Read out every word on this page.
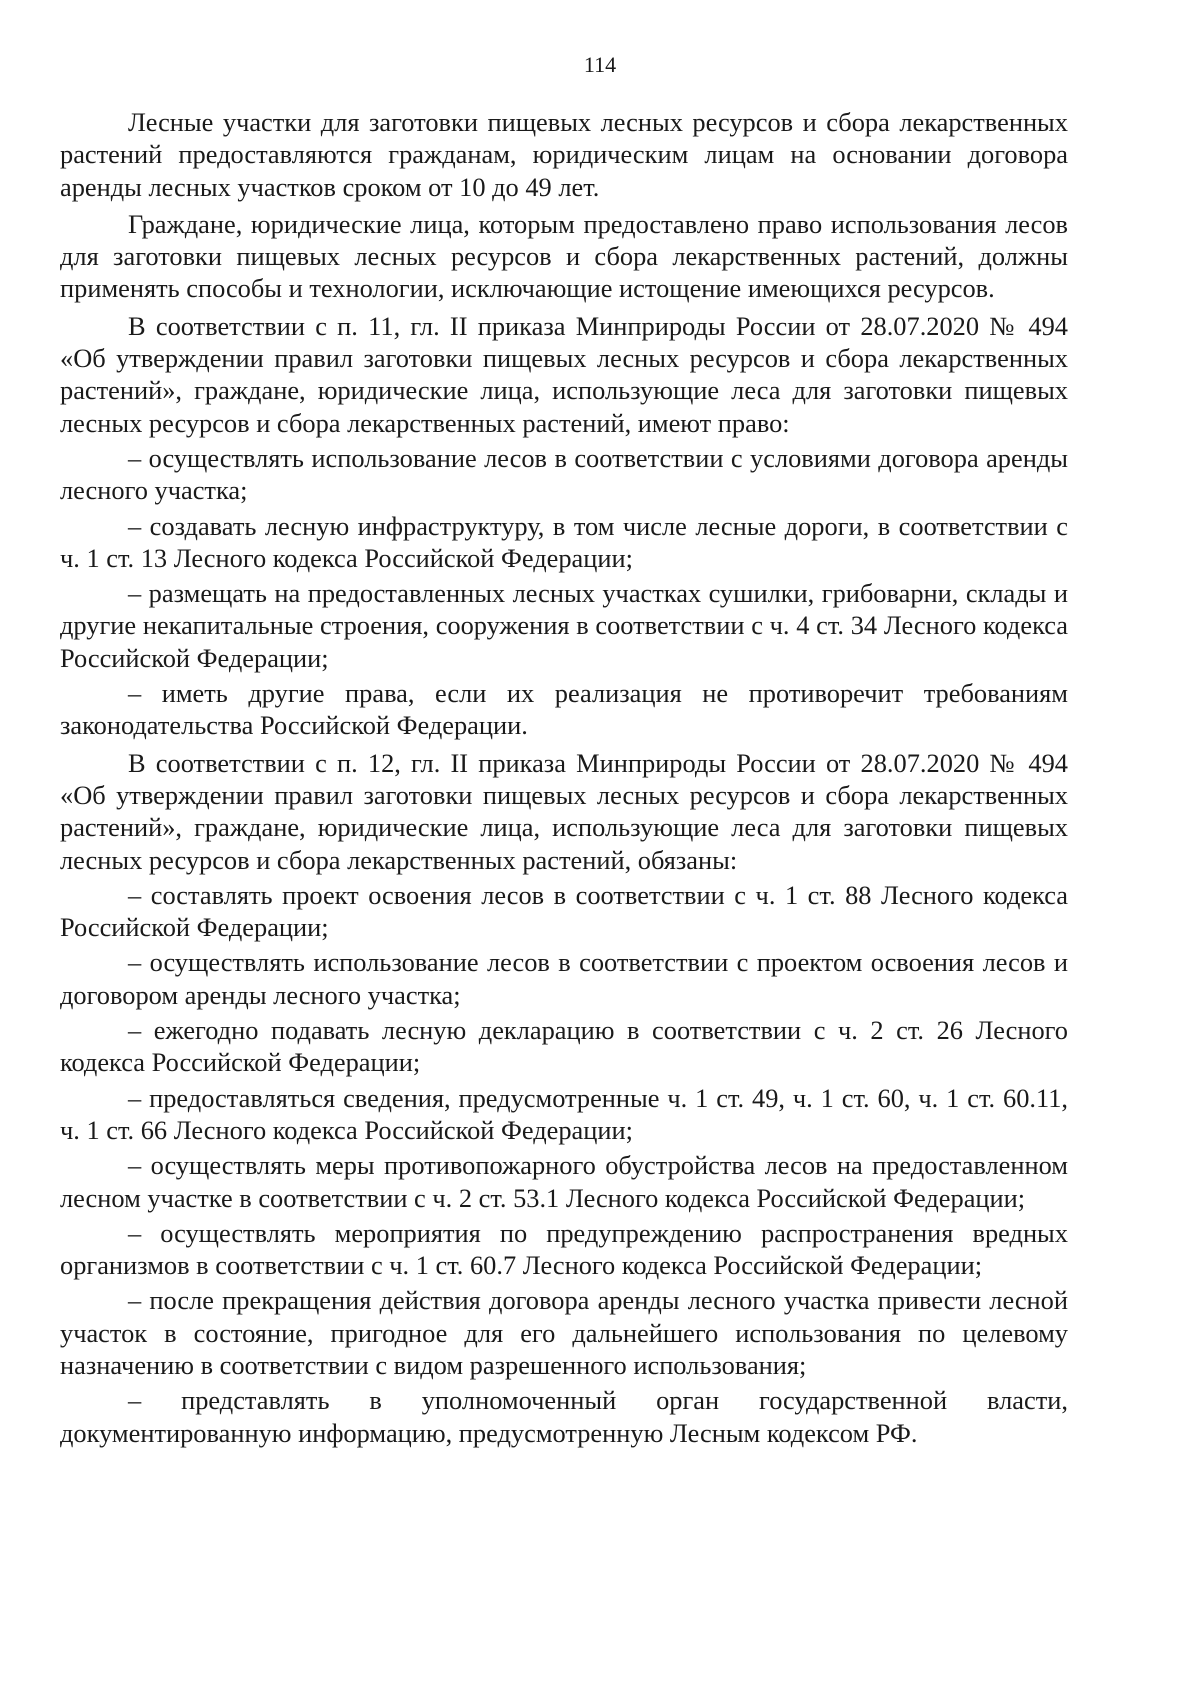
114

Лесные участки для заготовки пищевых лесных ресурсов и сбора лекарственных растений предоставляются гражданам, юридическим лицам на основании договора аренды лесных участков сроком от 10 до 49 лет.

Граждане, юридические лица, которым предоставлено право использования лесов для заготовки пищевых лесных ресурсов и сбора лекарственных растений, должны применять способы и технологии, исключающие истощение имеющихся ресурсов.

В соответствии с п. 11, гл. II приказа Минприроды России от 28.07.2020 № 494 «Об утверждении правил заготовки пищевых лесных ресурсов и сбора лекарственных растений», граждане, юридические лица, использующие леса для заготовки пищевых лесных ресурсов и сбора лекарственных растений, имеют право:

– осуществлять использование лесов в соответствии с условиями договора аренды лесного участка;

– создавать лесную инфраструктуру, в том числе лесные дороги, в соответствии с ч. 1 ст. 13 Лесного кодекса Российской Федерации;

– размещать на предоставленных лесных участках сушилки, грибоварни, склады и другие некапитальные строения, сооружения в соответствии с ч. 4 ст. 34 Лесного кодекса Российской Федерации;

– иметь другие права, если их реализация не противоречит требованиям законодательства Российской Федерации.

В соответствии с п. 12, гл. II приказа Минприроды России от 28.07.2020 № 494 «Об утверждении правил заготовки пищевых лесных ресурсов и сбора лекарственных растений», граждане, юридические лица, использующие леса для заготовки пищевых лесных ресурсов и сбора лекарственных растений, обязаны:

– составлять проект освоения лесов в соответствии с ч. 1 ст. 88 Лесного кодекса Российской Федерации;

– осуществлять использование лесов в соответствии с проектом освоения лесов и договором аренды лесного участка;

– ежегодно подавать лесную декларацию в соответствии с ч. 2 ст. 26 Лесного кодекса Российской Федерации;

– предоставляться сведения, предусмотренные ч. 1 ст. 49, ч. 1 ст. 60, ч. 1 ст. 60.11, ч. 1 ст. 66 Лесного кодекса Российской Федерации;

– осуществлять меры противопожарного обустройства лесов на предоставленном лесном участке в соответствии с ч. 2 ст. 53.1 Лесного кодекса Российской Федерации;

– осуществлять мероприятия по предупреждению распространения вредных организмов в соответствии с ч. 1 ст. 60.7 Лесного кодекса Российской Федерации;

– после прекращения действия договора аренды лесного участка привести лесной участок в состояние, пригодное для его дальнейшего использования по целевому назначению в соответствии с видом разрешенного использования;

– представлять в уполномоченный орган государственной власти, документированную информацию, предусмотренную Лесным кодексом РФ.
